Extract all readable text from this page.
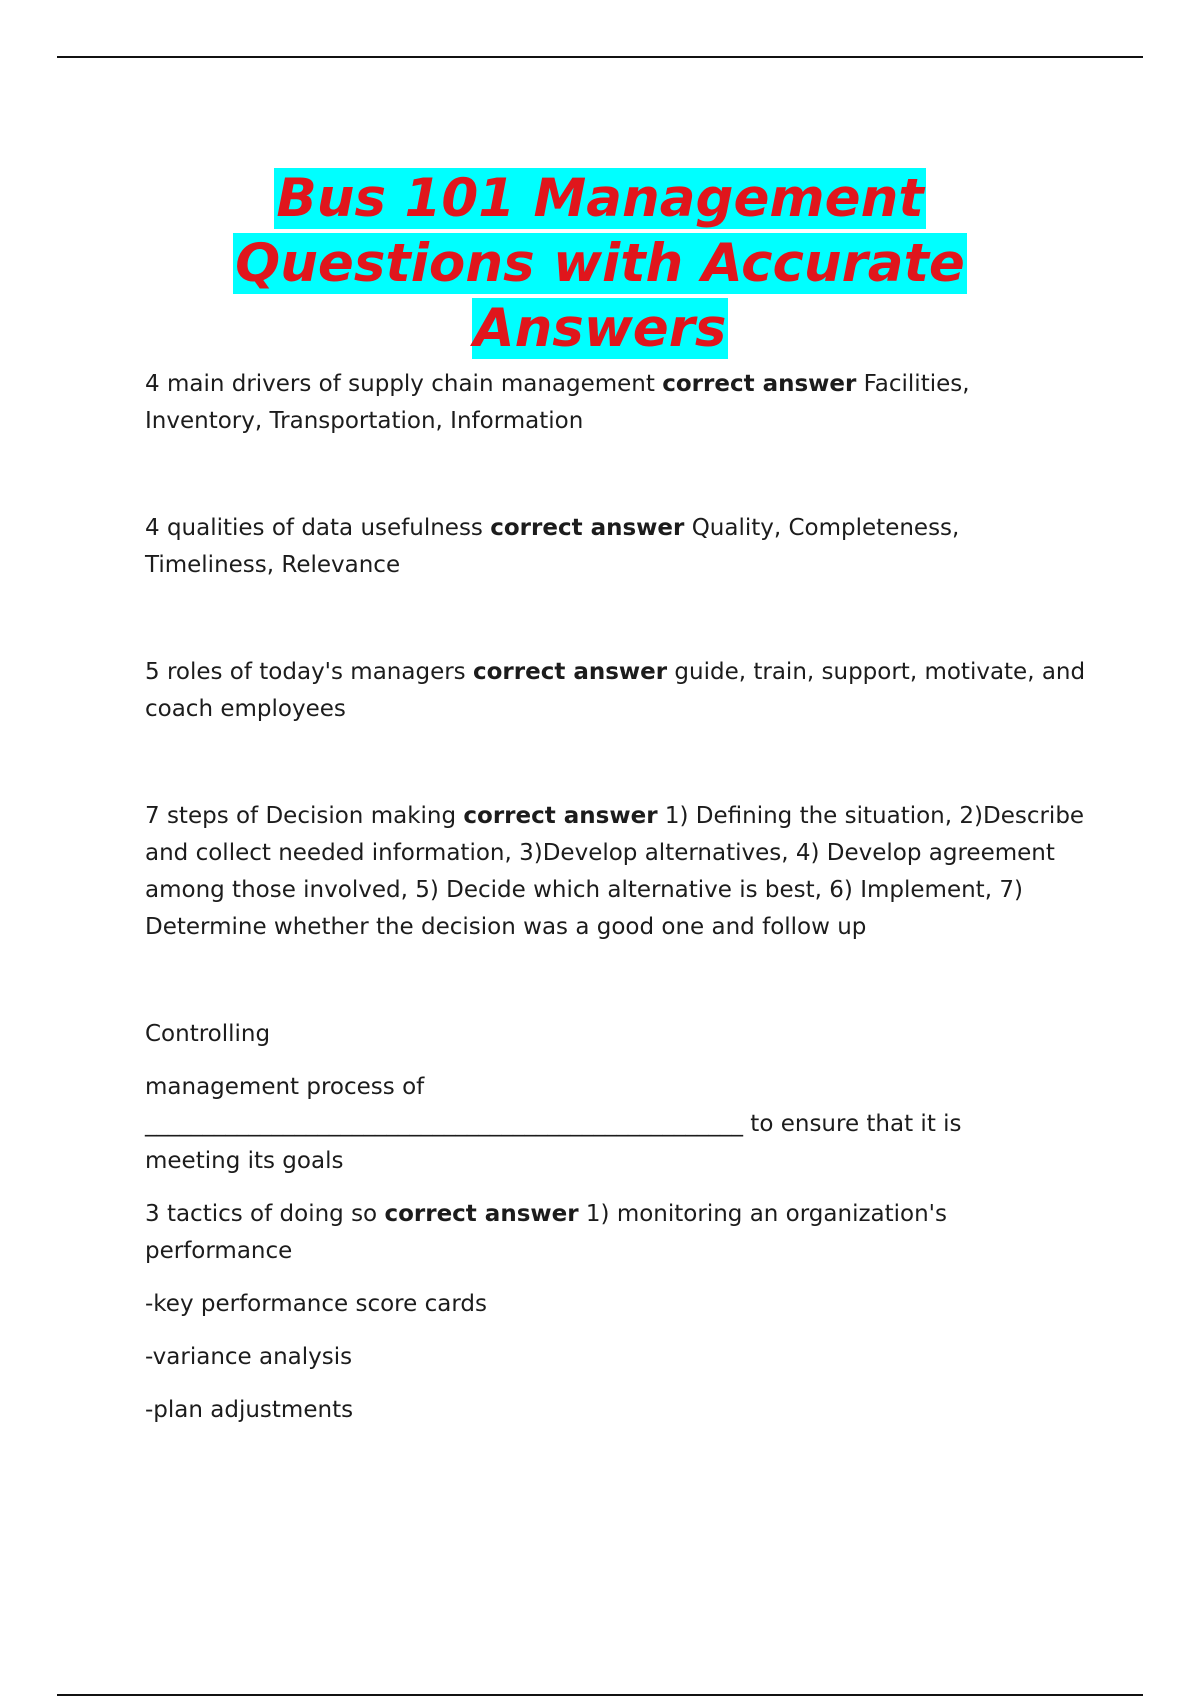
Bus 101 Management
Questions with Accurate
Answers

4 main drivers of supply chain management correct answer Facilities, Inventory, Transportation, Information

4 qualities of data usefulness correct answer Quality, Completeness, Timeliness, Relevance

5 roles of today's managers correct answer guide, train, support, motivate, and coach employees

7 steps of Decision making correct answer 1) Defining the situation, 2)Describe and collect needed information, 3)Develop alternatives, 4) Develop agreement among those involved, 5) Decide which alternative is best, 6) Implement, 7) Determine whether the decision was a good one and follow up

Controlling

management process of
____________________________________________________ to ensure that it is

meeting its goals

3 tactics of doing so correct answer 1) monitoring an organization's performance

-key performance score cards

-variance analysis

-plan adjustments
